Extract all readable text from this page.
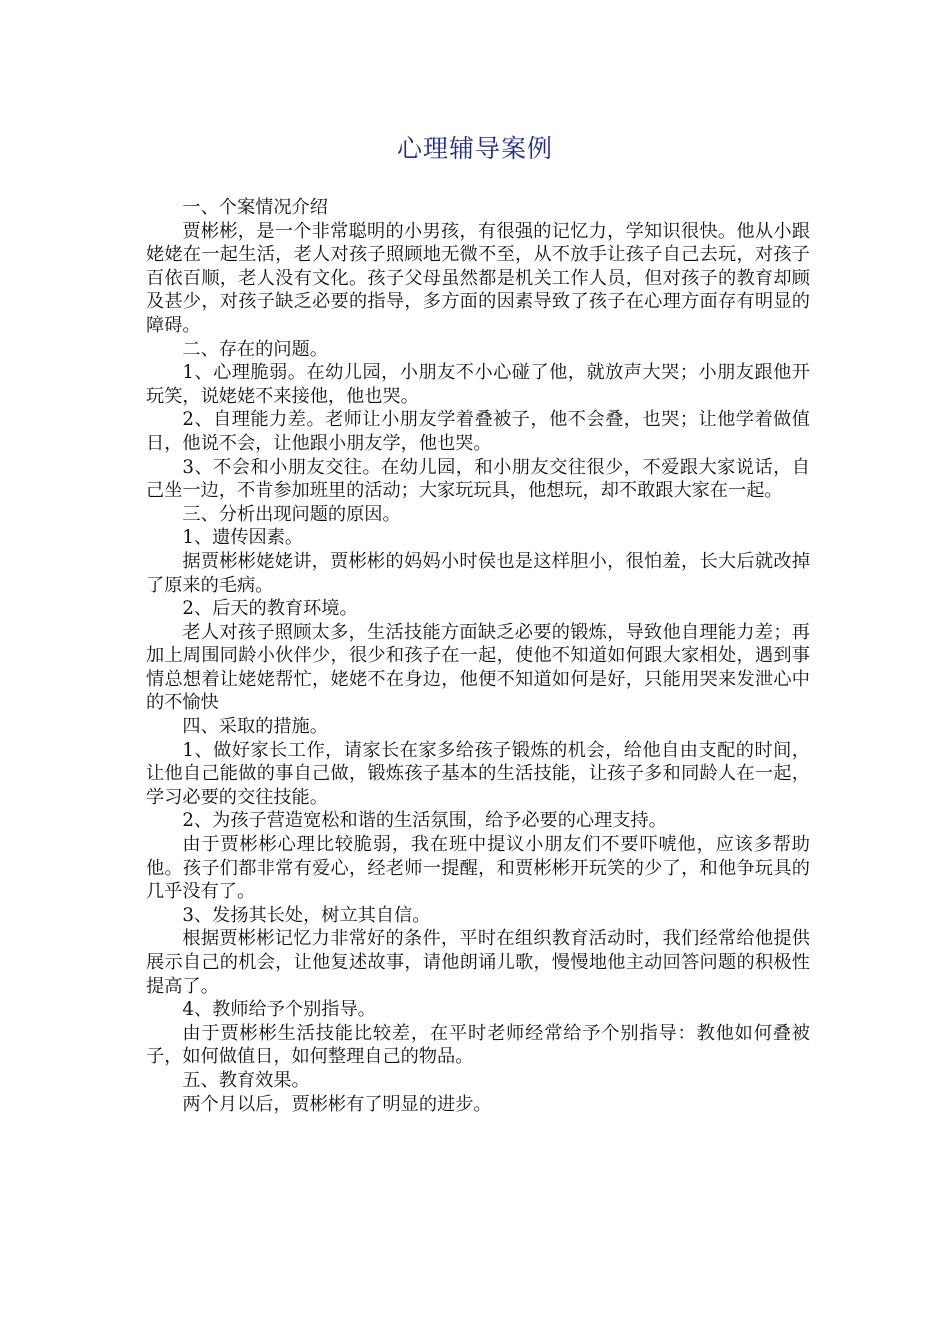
心理辅导案例

一、个案情况介绍

贾彬彬，是一个非常聪明的小男孩，有很强的记忆力，学知识很快。他从小跟姥姥在一起生活，老人对孩子照顾地无微不至，从不放手让孩子自己去玩，对孩子百依百顺，老人没有文化。孩子父母虽然都是机关工作人员，但对孩子的教育却顾及甚少，对孩子缺乏必要的指导，多方面的因素导致了孩子在心理方面存有明显的障碍。

二、存在的问题。

1、心理脆弱。在幼儿园，小朋友不小心碰了他，就放声大哭；小朋友跟他开玩笑，说姥姥不来接他，他也哭。

2、自理能力差。老师让小朋友学着叠被子，他不会叠，也哭；让他学着做值日，他说不会，让他跟小朋友学，他也哭。

3、不会和小朋友交往。在幼儿园，和小朋友交往很少，不爱跟大家说话，自己坐一边，不肯参加班里的活动；大家玩玩具，他想玩，却不敢跟大家在一起。

三、分析出现问题的原因。

1、遗传因素。

据贾彬彬姥姥讲，贾彬彬的妈妈小时侯也是这样胆小，很怕羞，长大后就改掉了原来的毛病。

2、后天的教育环境。

老人对孩子照顾太多，生活技能方面缺乏必要的锻炼，导致他自理能力差；再加上周围同龄小伙伴少，很少和孩子在一起，使他不知道如何跟大家相处，遇到事情总想着让姥姥帮忙，姥姥不在身边，他便不知道如何是好，只能用哭来发泄心中的不愉快

四、采取的措施。

1、做好家长工作，请家长在家多给孩子锻炼的机会，给他自由支配的时间，让他自己能做的事自己做，锻炼孩子基本的生活技能，让孩子多和同龄人在一起，学习必要的交往技能。

2、为孩子营造宽松和谐的生活氛围，给予必要的心理支持。

由于贾彬彬心理比较脆弱，我在班中提议小朋友们不要吓唬他，应该多帮助他。孩子们都非常有爱心，经老师一提醒，和贾彬彬开玩笑的少了，和他争玩具的几乎没有了。

3、发扬其长处，树立其自信。

根据贾彬彬记忆力非常好的条件，平时在组织教育活动时，我们经常给他提供展示自己的机会，让他复述故事，请他朗诵儿歌，慢慢地他主动回答问题的积极性提高了。

4、教师给予个别指导。

由于贾彬彬生活技能比较差，在平时老师经常给予个别指导：教他如何叠被子，如何做值日，如何整理自己的物品。

五、教育效果。

两个月以后，贾彬彬有了明显的进步。
